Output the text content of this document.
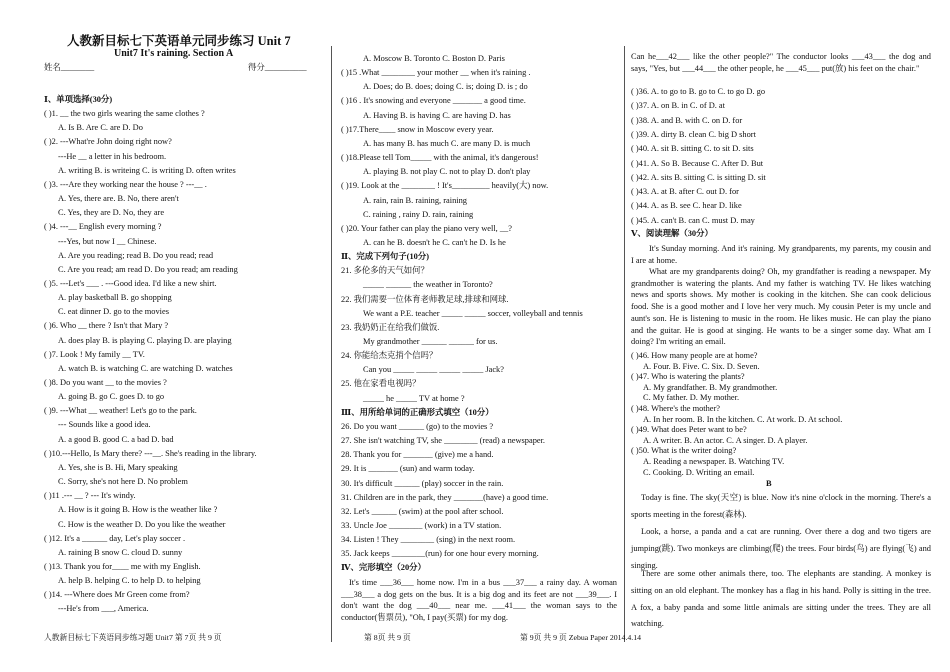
人教新目标七下英语单元同步练习 Unit 7
Unit7 It's raining. Section A
姓名________	得分__________
Ⅰ、单项选择(30分)
( )1. __ the two girls wearing the same clothes ?
A. Is B. Are C. are D. Do
( )2. ---What're John doing right now?
---He __ a letter in his bedroom.
A. writing B. is writeing C. is writing D. often writes
( )3. ---Are they working near the house ? ---__ .
A. Yes, there are. B. No, there aren't
C. Yes, they are D. No, they are
( )4. ---__ English every morning ?
---Yes, but now I __ Chinese.
A. Are you reading; read B. Do you read; read
C. Are you read; am read D. Do you read; am reading
( )5. ---Let's ___ . ---Good idea. I'd like a new shirt.
A. play basketball B. go shopping
C. eat dinner D. go to the movies
( )6. Who __ there ? Isn't that Mary ?
A. does play B. is playing C. playing D. are playing
( )7. Look ! My family __ TV.
A. watch B. is watching C. are watching D. watches
( )8. Do you want __ to the movies ?
A. going B. go C. goes D. to go
( )9. ---What __ weather! Let's go to the park.
--- Sounds like a good idea.
A. a good B. good C. a bad D. bad
( )10.---Hello, Is Mary there? ---__. She's reading in the library.
A. Yes, she is B. Hi, Mary speaking
C. Sorry, she's not here D. No problem
( )11 .--- __ ? --- It's windy.
A. How is it going B. How is the weather like ?
C. How is the weather D. Do you like the weather
( )12. It's a ______ day, Let's play soccer .
A. raining B snow C. cloud D. sunny
( )13. Thank you for____ me with my English.
A. help B. helping C. to help D. to helping
( )14. ---Where does Mr Green come from?
---He's from ___, America.
A. Moscow B. Toronto C. Boston D. Paris
( )15 .What ________ your mother __ when it's raining .
A. Does; do B. does; doing C. is; doing D. is ; do
( )16 . It's snowing and everyone _______ a good time.
A. Having B. is having C. are having D. has
( )17.There____ snow in Moscow every year.
A. has many B. has much C. are many D. is much
( )18.Please tell Tom_____ with the animal, it's dangerous!
A. playing B. not play C. not to play D. don't play
( )19. Look at the ________ ! It's_________ heavily(大) now.
A. rain, rain B. raining, raining
C. raining , rainy D. rain, raining
( )20. Your father can play the piano very well, __?
A. can he B. doesn't he C. can't he D. Is he
Ⅱ、完成下列句子(10分)
21. 多伦多的天气如何？
_____ ______ the weather in Toronto?
22. 我们需要一位体育老师教足球,排球和网球.
We want a P.E. teacher _____ _____ soccer, volleyball and tennis
23. 我奶奶正在给我们做饭.
My grandmother ______ ______ for us.
24. 你能给杰克捎个信吗？
Can you _____ _____ _____ _____ Jack?
25. 他在家看电视吗？
_____ he _____ TV at home ?
Ⅲ、用所给单词的正确形式填空（10分）
26. Do you want ______ (go) to the movies ?
27. She isn't watching TV, she ________ (read) a newspaper.
28. Thank you for _______ (give) me a hand.
29. It is _______ (sun) and warm today.
30. It's difficult ______ (play) soccer in the rain.
31. Children are in the park, they _______(have) a good time.
32. Let's ______ (swim) at the pool after school.
33. Uncle Joe ________ (work) in a TV station.
34. Listen ! They ________ (sing) in the next room.
35. Jack keeps ________(run) for one hour every morning.
Ⅳ、完形填空（20分）
It's time ___36___ home now. I'm in a bus ___37___ a rainy day. A woman ___38___ a dog gets on the bus. It is a big dog and its feet are not ___39___. I don't want the dog ___40___ near me. ___41___ the woman says to the conductor(售票员), "Oh, I pay(买票) for my dog.
Can he___42___ like the other people?" The conductor looks ___43___ the dog and says, "Yes, but ___44___ the other people, he ___45___ put(放) his feet on the chair."
( )36. A. to go to B. go to C. to go D. go
( )37. A. on B. in C. of D. at
( )38. A. and B. with C. on D. for
( )39. A. dirty B. clean C. big D short
( )40. A. sit B. sitting C. to sit D. sits
( )41. A. So B. Because C. After D. But
( )42. A. sits B. sitting C. is sitting D. sit
( )43. A. at B. after C. out D. for
( )44. A. as B. see C. hear D. like
( )45. A. can't B. can C. must D. may
Ⅴ、阅读理解（30分）
It's Sunday morning. And it's raining. My grandparents, my parents, my cousin and I are at home.
What are my grandparents doing? Oh, my grandfather is reading a newspaper. My grandmother is watering the plants. And my father is watching TV. He likes watching news and sports shows. My mother is cooking in the kitchen. She can cook delicious food. She is a good mother and I love her very much. My cousin Peter is my uncle and aunt's son. He is listening to music in the room. He likes music. He can play the piano and the guitar. He is good at singing. He wants to be a singer some day. What am I doing? I'm writing an email.
( )46. How many people are at home?
A. Four. B. Five. C. Six. D. Seven.
( )47. Who is watering the plants?
A. My grandfather. B. My grandmother.
C. My father. D. My mother.
( )48. Where's the mother?
A. In her room. B. In the kitchen. C. At work. D. At school.
( )49. What does Peter want to be?
A. A writer. B. An actor. C. A singer. D. A player.
( )50. What is the writer doing?
A. Reading a newspaper. B. Watching TV.
C. Cooking. D. Writing an email.
B
Today is fine. The sky(天空) is blue. Now it's nine o'clock in the morning. There's a sports meeting in the forest(森林).
Look, a horse, a panda and a cat are running. Over there a dog and two tigers are jumping(跳). Two monkeys are climbing(爬) the trees. Four birds(鸟) are flying(飞) and singing.
There are some other animals there, too. The elephants are standing. A monkey is sitting on an old elephant. The monkey has a flag in his hand. Polly is sitting in the tree. A fox, a baby panda and some little animals are sitting under the trees. They are all watching.
人教新目标七下英语同步练习题 Unit7 第 7页 共 9 页	第 8页 共 9 页	第 9页 共 9 页 Zebua Paper 2014.4.14
